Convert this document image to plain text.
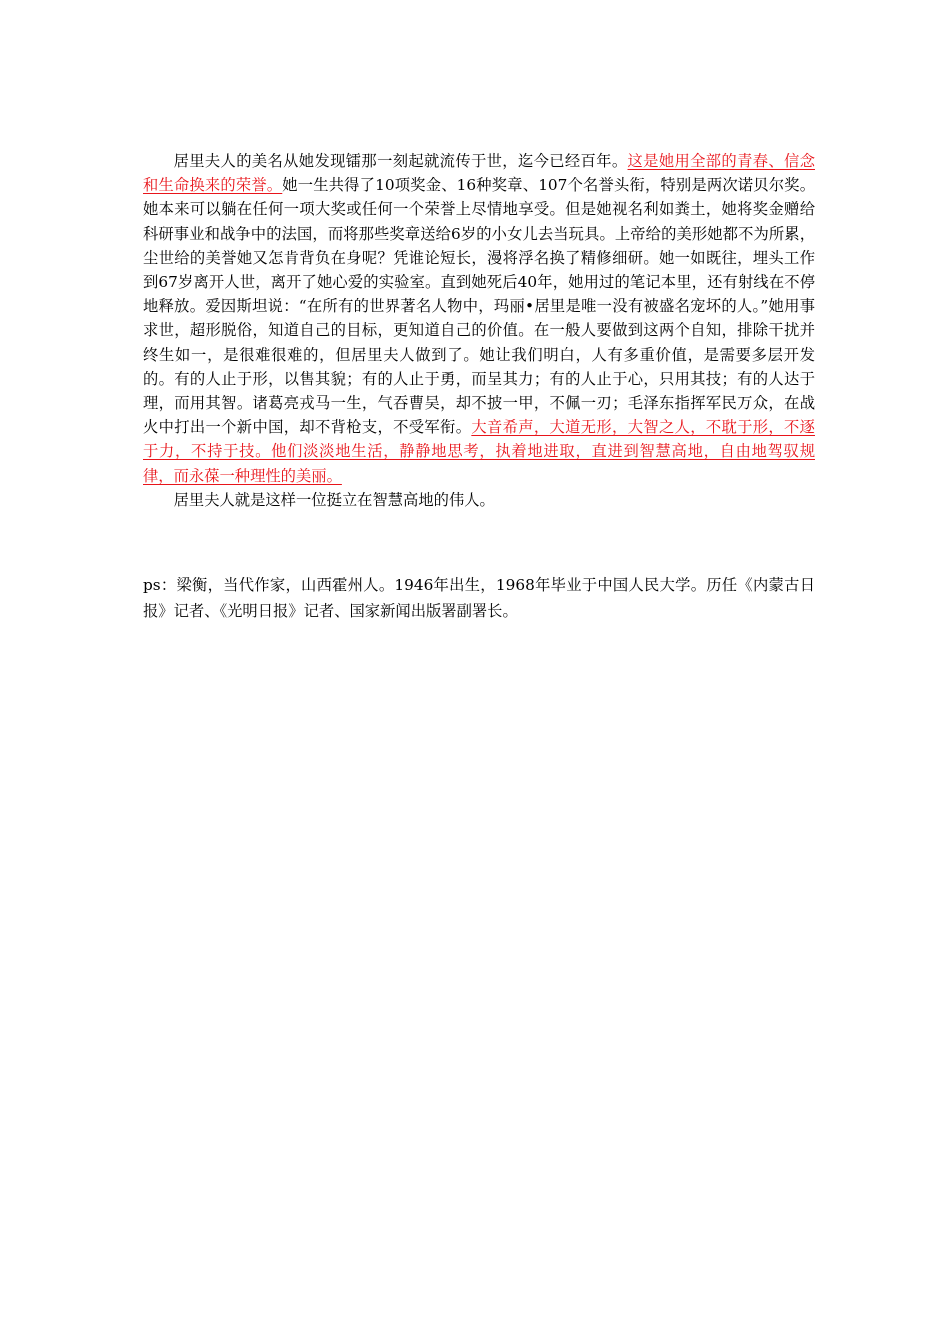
居里夫人的美名从她发现镭那一刻起就流传于世，迄今已经百年。这是她用全部的青春、信念和生命换来的荣誉。她一生共得了10项奖金、16种奖章、107个名誉头衔，特别是两次诺贝尔奖。她本来可以躺在任何一项大奖或任何一个荣誉上尽情地享受。但是她视名利如粪土，她将奖金赠给科研事业和战争中的法国，而将那些奖章送给6岁的小女儿去当玩具。上帝给的美形她都不为所累，尘世给的美誉她又怎肯背负在身呢？凭谁论短长，漫将浮名换了精修细研。她一如既往，埋头工作到67岁离开人世，离开了她心爱的实验室。直到她死后40年，她用过的笔记本里，还有射线在不停地释放。爱因斯坦说：“在所有的世界著名人物中，玛丽•居里是唯一没有被盛名宠坏的人。”她用事求世，超形脱俗，知道自己的目标，更知道自己的价值。在一般人要做到这两个自知，排除干扰并终生如一，是很难很难的，但居里夫人做到了。她让我们明白，人有多重价值，是需要多层开发的。有的人止于形，以售其貌；有的人止于勇，而呈其力；有的人止于心，只用其技；有的人达于理，而用其智。诸葛亮戎马一生，气吞曹吴，却不披一甲，不佩一刃；毛泽东指挥军民万众，在战火中打出一个新中国，却不背枪支，不受军衔。大音希声，大道无形，大智之人，不耽于形，不逐于力，不持于技。他们淡淡地生活，静静地思考，执着地进取，直进到智慧高地，自由地驾驭规律，而永葆一种理性的美丽。

居里夫人就是这样一位挺立在智慧高地的伟人。

ps：梁衡，当代作家，山西霍州人。1946年出生，1968年毕业于中国人民大学。历任《内蒙古日报》记者、《光明日报》记者、国家新闻出版署副署长。
